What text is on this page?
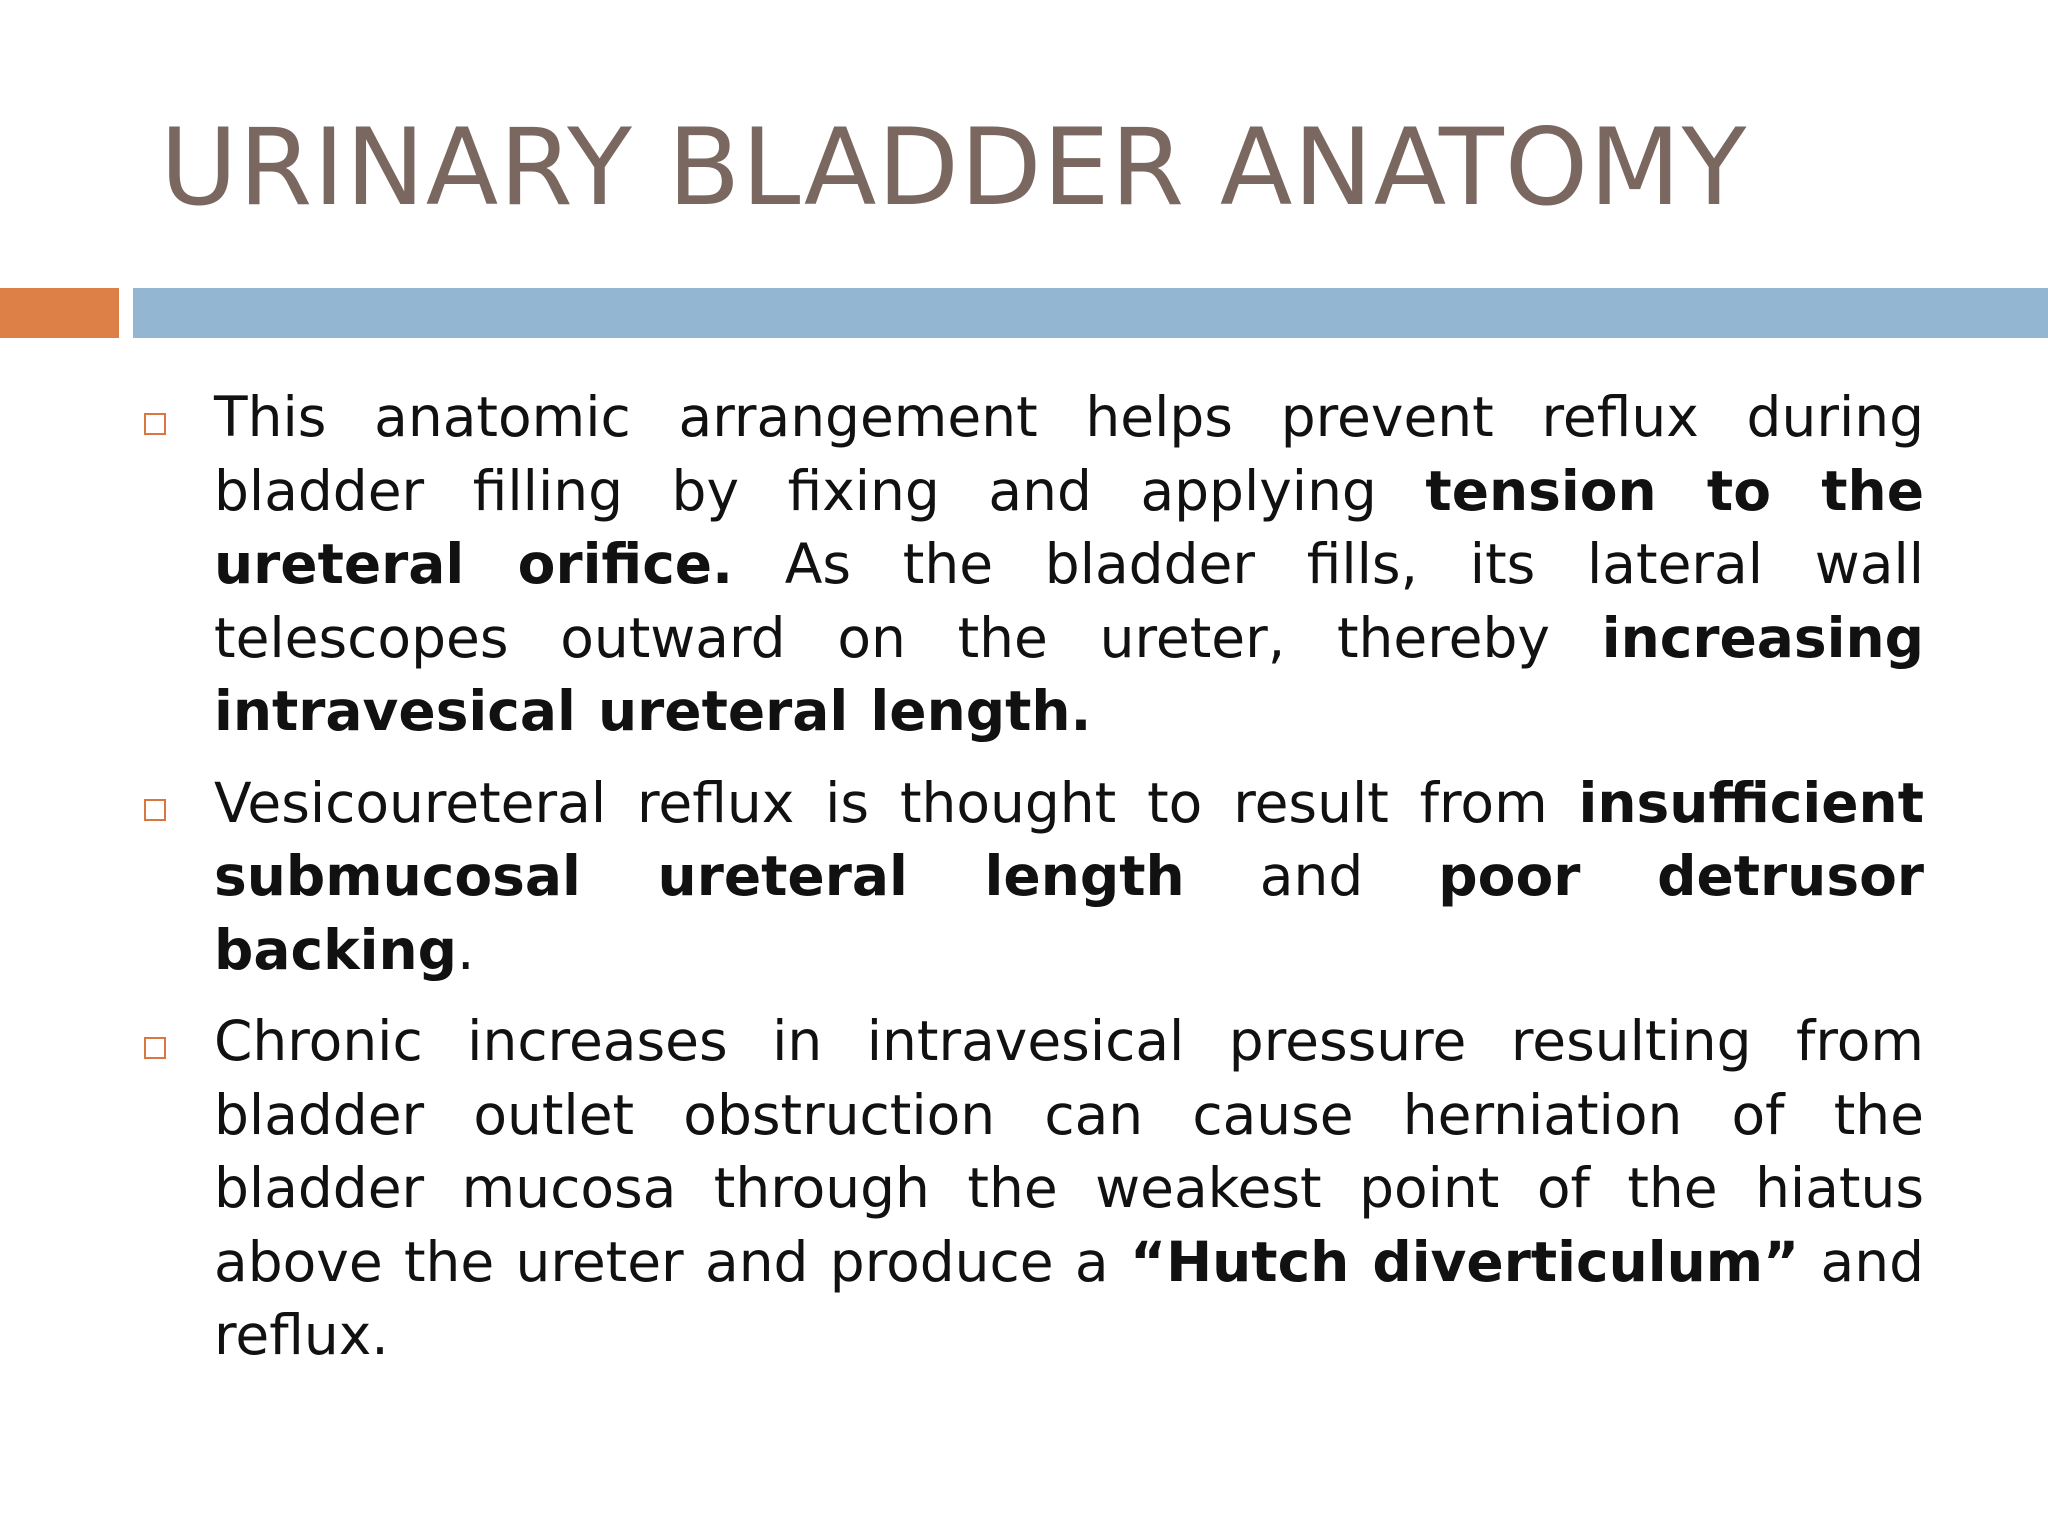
URINARY BLADDER ANATOMY
This anatomic arrangement helps prevent reflux during bladder filling by fixing and applying tension to the ureteral orifice. As the bladder fills, its lateral wall telescopes outward on the ureter, thereby increasing intravesical ureteral length.
Vesicoureteral reflux is thought to result from insufficient submucosal ureteral length and poor detrusor backing.
Chronic increases in intravesical pressure resulting from bladder outlet obstruction can cause herniation of the bladder mucosa through the weakest point of the hiatus above the ureter and produce a “Hutch diverticulum” and reflux.
